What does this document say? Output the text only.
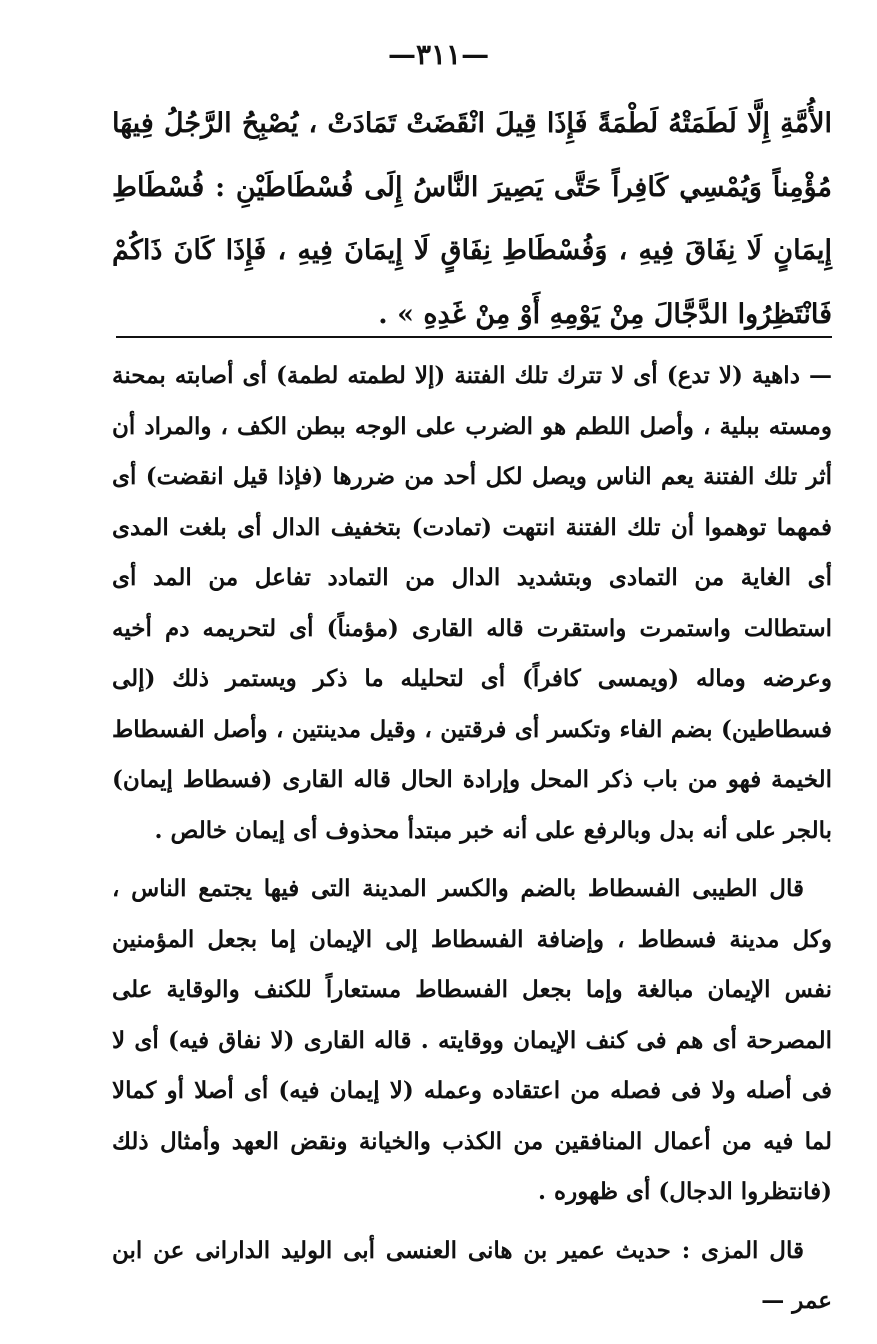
—٣١١—

الأُمَّةِ إِلَّا لَطَمَتْهُ لَطْمَةً فَإِذَا قِيلَ انْقَضَتْ تَمَادَتْ ، يُصْبِحُ الرَّجُلُ فِيهَا مُؤْمِناً وَيُمْسِي كَافِراً حَتَّى يَصِيرَ النَّاسُ إِلَى فُسْطَاطَيْنِ : فُسْطَاطِ إِيمَانٍ لَا نِفَاقَ فِيهِ ، وَفُسْطَاطِ نِفَاقٍ لَا إِيمَانَ فِيهِ ، فَإِذَا كَانَ ذَاكُمْ فَانْتَظِرُوا الدَّجَّالَ مِنْ يَوْمِهِ أَوْ مِنْ غَدِهِ » .

— داهية (لا تدع) أى لا تترك تلك الفتنة (إلا لطمته لطمة) أى أصابته بمحنة ومسته ببلية ، وأصل اللطم هو الضرب على الوجه ببطن الكف ، والمراد أن أثر تلك الفتنة يعم الناس ويصل لكل أحد من ضررها (فإذا قيل انقضت) أى فمهما توهموا أن تلك الفتنة انتهت (تمادت) بتخفيف الدال أى بلغت المدى أى الغاية من التمادى وبتشديد الدال من التمادد تفاعل من المد أى استطالت واستمرت واستقرت قاله القارى (مؤمناً) أى لتحريمه دم أخيه وعرضه وماله (ويمسى كافراً) أى لتحليله ما ذكر ويستمر ذلك (إلى فسطاطين) بضم الفاء وتكسر أى فرقتين ، وقيل مدينتين ، وأصل الفسطاط الخيمة فهو من باب ذكر المحل وإرادة الحال قاله القارى (فسطاط إيمان) بالجر على أنه بدل وبالرفع على أنه خبر مبتدأ محذوف أى إيمان خالص .

قال الطيبى الفسطاط بالضم والكسر المدينة التى فيها يجتمع الناس ، وكل مدينة فسطاط ، وإضافة الفسطاط إلى الإيمان إما بجعل المؤمنين نفس الإيمان مبالغة وإما بجعل الفسطاط مستعاراً للكنف والوقاية على المصرحة أى هم فى كنف الإيمان ووقايته . قاله القارى (لا نفاق فيه) أى لا فى أصله ولا فى فصله من اعتقاده وعمله (لا إيمان فيه) أى أصلا أو كمالا لما فيه من أعمال المنافقين من الكذب والخيانة ونقض العهد وأمثال ذلك (فانتظروا الدجال) أى ظهوره .

قال المزى : حديث عمير بن هانى العنسى أبى الوليد الدارانى عن ابن عمر —
